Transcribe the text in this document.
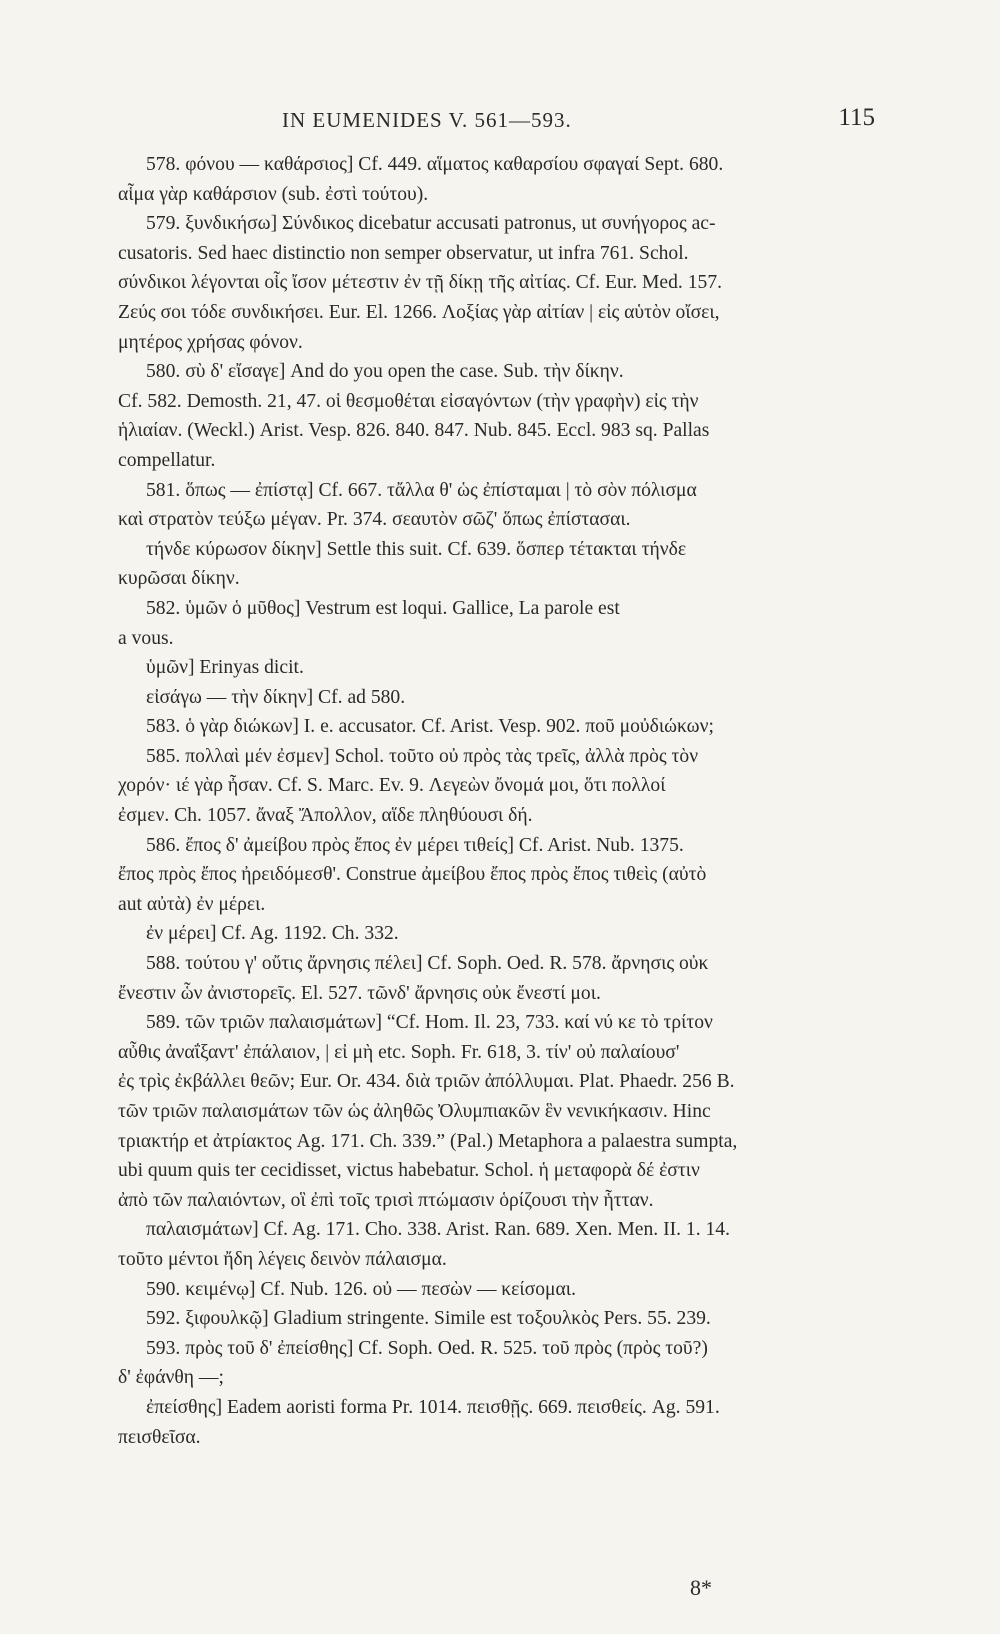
IN EUMENIDES V. 561—593.	115
578. φόνου — καθάρσιος] Cf. 449. αἵματος καθαρσίου σφαγαί Sept. 680.
αἷμα γὰρ καθάρσιον (sub. ἐστὶ τούτου).
579. ξυνδικήσω] Σύνδικος dicebatur accusati patronus, ut συνήγορος ac-
cusatoris. Sed haec distinctio non semper observatur, ut infra 761. Schol.
σύνδικοι λέγονται οἷς ἴσον μέτεστιν ἐν τῇ δίκῃ τῆς αἰτίας. Cf. Eur. Med. 157.
Ζεύς σοι τόδε συνδικήσει. Eur. El. 1266. Λοξίας γὰρ αἰτίαν | εἰς αὑτὸν οἴσει,
μητέρος χρήσας φόνον.
580. σὺ δ' εἴσαγε] And do you open the case. Sub. τὴν δίκην.
Cf. 582. Demosth. 21, 47. οἱ θεσμοθέται εἰσαγόντων (τὴν γραφὴν) εἰς τὴν
ἡλιαίαν. (Weckl.) Arist. Vesp. 826. 840. 847. Nub. 845. Eccl. 983 sq. Pallas
compellatur.
581. ὅπως — ἐπίστᾳ] Cf. 667. τἄλλα θ' ὡς ἐπίσταμαι | τὸ σὸν πόλισμα
καὶ στρατὸν τεύξω μέγαν. Pr. 374. σεαυτὸν σῶζ' ὅπως ἐπίστασαι.
τήνδε κύρωσον δίκην] Settle this suit. Cf. 639. ὅσπερ τέτακται τήνδε
κυρῶσαι δίκην.
582. ὑμῶν ὁ μῦθος] Vestrum est loqui. Gallice, La parole est
a vous.
ὑμῶν] Erinyas dicit.
εἰσάγω — τὴν δίκην] Cf. ad 580.
583. ὁ γὰρ διώκων] I. e. accusator. Cf. Arist. Vesp. 902. ποῦ μοὐδιώκων;
585. πολλαὶ μέν ἐσμεν] Schol. τοῦτο οὐ πρὸς τὰς τρεῖς, ἀλλὰ πρὸς τὸν
χορόν· ιέ γὰρ ἦσαν. Cf. S. Marc. Ev. 9. Λεγεὼν ὄνομά μοι, ὅτι πολλοί
ἐσμεν. Ch. 1057. ἄναξ Ἄπολλον, αἵδε πληθύουσι δή.
586. ἔπος δ' ἀμείβου πρὸς ἔπος ἐν μέρει τιθείς] Cf. Arist. Nub. 1375.
ἔπος πρὸς ἔπος ἠρειδόμεσθ'. Construe ἀμείβου ἔπος πρὸς ἔπος τιθεὶς (αὐτὸ
aut αὐτὰ) ἐν μέρει.
ἐν μέρει] Cf. Ag. 1192. Ch. 332.
588. τούτου γ' οὔτις ἄρνησις πέλει] Cf. Soph. Oed. R. 578. ἄρνησις οὐκ
ἔνεστιν ὧν ἀνιστορεῖς. El. 527. τῶνδ' ἄρνησις οὐκ ἔνεστί μοι.
589. τῶν τριῶν παλαισμάτων] “Cf. Hom. Il. 23, 733. καί νύ κε τὸ τρίτον
αὖθις ἀναΐξαντ' ἐπάλαιον, | εἰ μὴ etc. Soph. Fr. 618, 3. τίν' οὐ παλαίουσ'
ἐς τρὶς ἐκβάλλει θεῶν; Eur. Or. 434. διὰ τριῶν ἀπόλλυμαι. Plat. Phaedr. 256 B.
τῶν τριῶν παλαισμάτων τῶν ὡς ἀληθῶς Ὀλυμπιακῶν ἓν νενικήκασιν. Hinc
τριακτήρ et ἀτρίακτος Ag. 171. Ch. 339.” (Pal.) Metaphora a palaestra sumpta,
ubi quum quis ter cecidisset, victus habebatur. Schol. ἡ μεταφορὰ δέ ἐστιν
ἀπὸ τῶν παλαιόντων, οἳ ἐπὶ τοῖς τρισὶ πτώμασιν ὁρίζουσι τὴν ἧτταν.
παλαισμάτων] Cf. Ag. 171. Cho. 338. Arist. Ran. 689. Xen. Men. II. 1. 14.
τοῦτο μέντοι ἤδη λέγεις δεινὸν πάλαισμα.
590. κειμένῳ] Cf. Nub. 126. οὐ — πεσὼν — κείσομαι.
592. ξιφουλκῷ] Gladium stringente. Simile est τοξουλκὸς Pers. 55. 239.
593. πρὸς τοῦ δ' ἐπείσθης] Cf. Soph. Oed. R. 525. τοῦ πρὸς (πρὸς τοῦ?)
δ' ἐφάνθη —;
ἐπείσθης] Eadem aoristi forma Pr. 1014. πεισθῇς. 669. πεισθείς. Ag. 591.
πεισθεῖσα.
8*
